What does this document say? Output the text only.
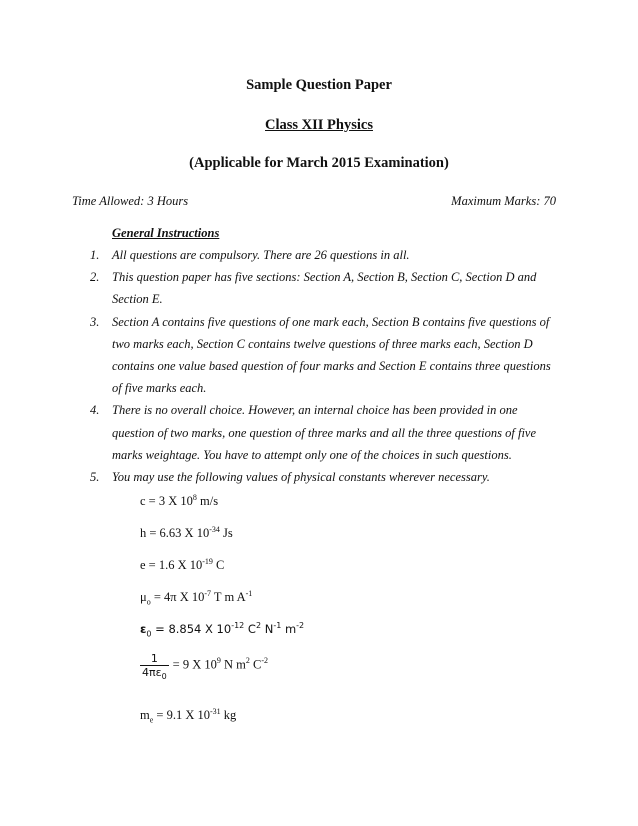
Sample Question Paper
Class XII Physics
(Applicable for March 2015 Examination)
Time Allowed: 3 Hours	Maximum Marks: 70
General Instructions
1. All questions are compulsory. There are 26 questions in all.
2. This question paper has five sections: Section A, Section B, Section C, Section D and Section E.
3. Section A contains five questions of one mark each, Section B contains five questions of two marks each, Section C contains twelve questions of three marks each, Section D contains one value based question of four marks and Section E contains three questions of five marks each.
4. There is no overall choice. However, an internal choice has been provided in one question of two marks, one question of three marks and all the three questions of five marks weightage. You have to attempt only one of the choices in such questions.
5. You may use the following values of physical constants wherever necessary.
c = 3 X $10^8$ m/s
h = 6.63 X $10^{-34}$ Js
e = 1.6 X $10^{-19}$ C
$\mu_o = 4\pi$ X $10^{-7}$ T m $A^{-1}$
$\varepsilon_0 = 8.854$ X $10^{-12}$ $C^2$ $N^{-1}$ $m^{-2}$
$\frac{1}{4\pi\varepsilon_0} = 9$ X $10^9$ N $m^2$ $C^{-2}$
$m_e = 9.1$ X $10^{-31}$ kg
